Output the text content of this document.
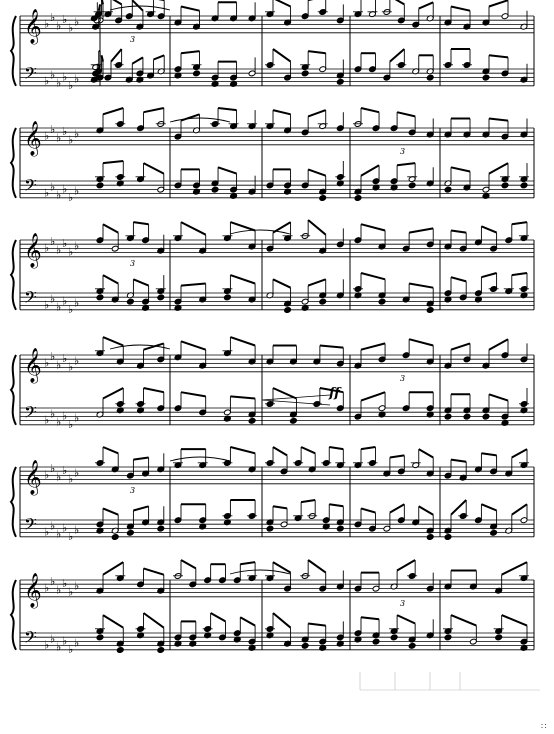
𝄞 ♭ ♭
♭ ♭
♭ ♭
𝄢 ♭ ♭
♭ ♭
♭ ♭
3
𝄞 ♭ ♭
♭ ♭
♭ ♭
𝄢 ♭ ♭
♭ ♭
♭ ♭
3
𝄞 ♭ ♭
♭ ♭
♭ ♭
𝄢 ♭ ♭
♭ ♭
♭ ♭
3
𝄞 ♭ ♭
♭ ♭
♭ ♭
𝄢 ♭ ♭
♭ ♭
♭ ♭
3
𝄞 ♭ ♭
♭ ♭
♭ ♭
𝄢 ♭ ♭
♭ ♭
♭ ♭
3
𝄞 ♭ ♭
♭ ♭
♭ ♭
𝄢 ♭ ♭
♭ ♭
♭ ♭
3
ff
::
